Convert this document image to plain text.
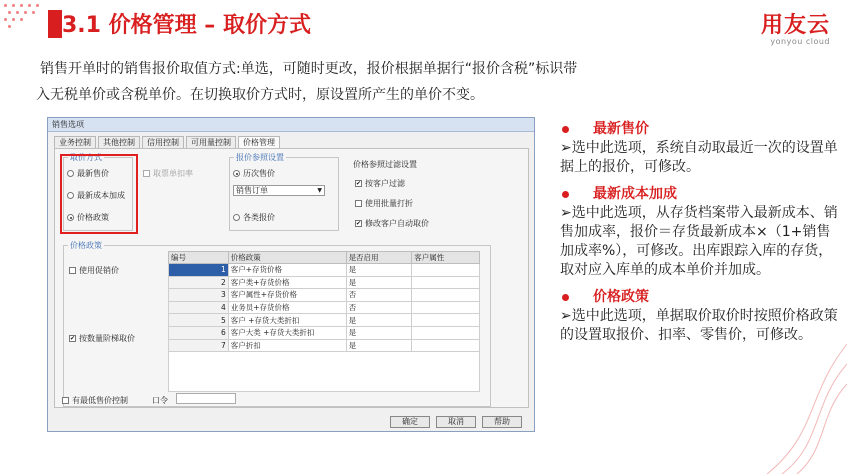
3.1 价格管理 – 取价方式	用友云
yonyou cloud
销售开单时的销售报价取值方式:单选，可随时更改，报价根据单据行“报价含税”标识带
入无税单价或含税单价。在切换取价方式时，原设置所产生的单价不变。
销售选项
业务控制	其他控制	信用控制	可用量控制	价格管理
取价方式
最新售价
最新成本加成
价格政策
取票单扣率
报价参照设置
历次售价
销售订单	▼
各类报价
价格参照过滤设置
✔
按客户过滤
使用批量打折
✔
修改客户自动取价
价格政策
使用促销价
✔
按数量阶梯取价
编号	价格政策	是否启用	客户属性
1	客户+存货价格	是	
2	客户类+存货价格	是	
3	客户属性+存货价格	否	
4	业务员+存货价格	否	
5	客户 +存货大类折扣	是	
6	客户大类 +存货大类折扣	是	
7	客户折扣	是	
有最低售价控制	口令
确定	取消	帮助
最新售价
➢选中此选项，系统自动取最近一次的设置单据上的报价，可修改。
最新成本加成
➢选中此选项，从存货档案带入最新成本、销售加成率，报价＝存货最新成本×（1+销售加成率%），可修改。出库跟踪入库的存货，取对应入库单的成本单价并加成。
价格政策
➢选中此选项，单据取价取价时按照价格政策的设置取报价、扣率、零售价，可修改。
